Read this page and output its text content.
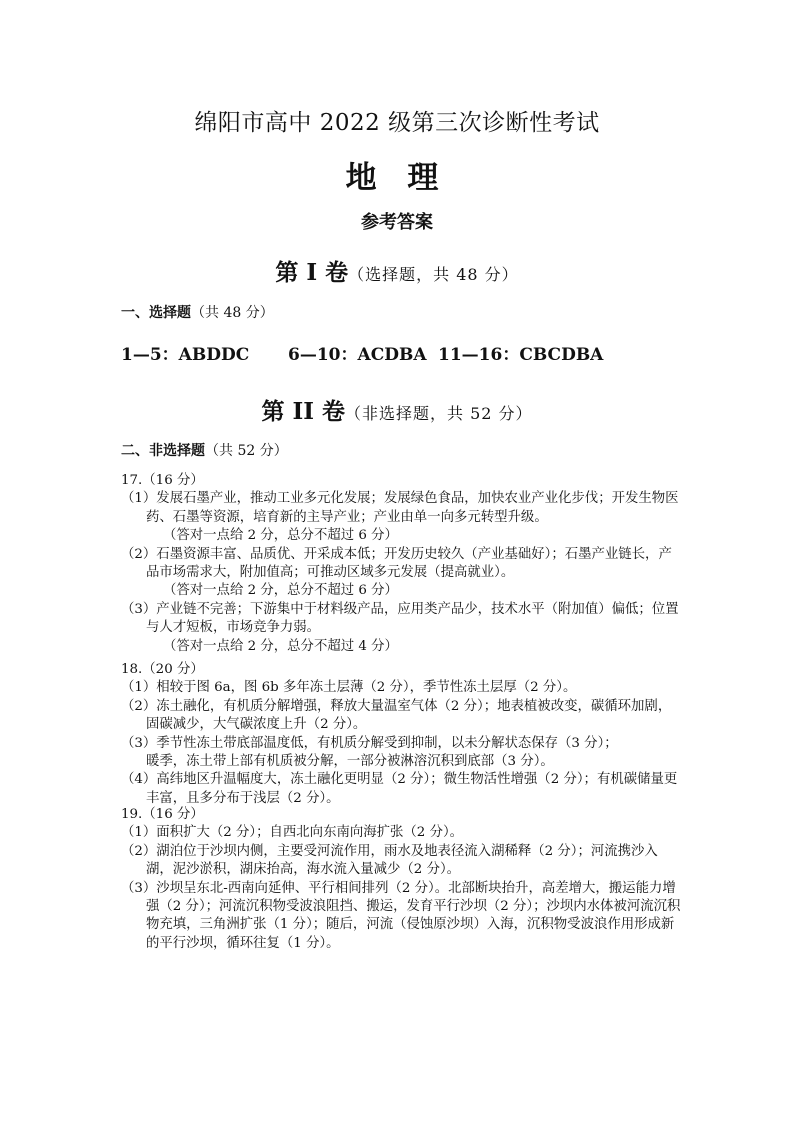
绵阳市高中 2022 级第三次诊断性考试
地 理
参考答案
第 I 卷（选择题，共 48 分）
一、选择题（共 48 分）
1—5：ABDDC 6—10：ACDBA 11—16：CBCDBA
第 II 卷（非选择题，共 52 分）
二、非选择题（共 52 分）
17.（16 分）
（1）发展石墨产业，推动工业多元化发展；发展绿色食品，加快农业产业化步伐；开发生物医药、石墨等资源，培育新的主导产业；产业由单一向多元转型升级。
（答对一点给 2 分，总分不超过 6 分）
（2）石墨资源丰富、品质优、开采成本低；开发历史较久（产业基础好）；石墨产业链长，产品市场需求大，附加值高；可推动区域多元发展（提高就业）。
（答对一点给 2 分，总分不超过 6 分）
（3）产业链不完善；下游集中于材料级产品，应用类产品少，技术水平（附加值）偏低；位置与人才短板，市场竞争力弱。
（答对一点给 2 分，总分不超过 4 分）
18.（20 分）
（1）相较于图 6a，图 6b 多年冻土层薄（2 分），季节性冻土层厚（2 分）。
（2）冻土融化，有机质分解增强，释放大量温室气体（2 分）；地表植被改变，碳循环加剧，固碳减少，大气碳浓度上升（2 分）。
（3）季节性冻土带底部温度低，有机质分解受到抑制，以未分解状态保存（3 分）；
暖季，冻土带上部有机质被分解，一部分被淋溶沉积到底部（3 分）。
（4）高纬地区升温幅度大，冻土融化更明显（2 分）；微生物活性增强（2 分）；有机碳储量更丰富，且多分布于浅层（2 分）。
19.（16 分）
（1）面积扩大（2 分）；自西北向东南向海扩张（2 分）。
（2）湖泊位于沙坝内侧，主要受河流作用，雨水及地表径流入湖稀释（2 分）；河流携沙入湖，泥沙淤积，湖床抬高，海水流入量减少（2 分）。
（3）沙坝呈东北-西南向延伸、平行相间排列（2 分）。北部断块抬升，高差增大，搬运能力增强（2 分）；河流沉积物受波浪阻挡、搬运，发育平行沙坝（2 分）；沙坝内水体被河流沉积物充填，三角洲扩张（1 分）；随后，河流（侵蚀原沙坝）入海，沉积物受波浪作用形成新的平行沙坝，循环往复（1 分）。
